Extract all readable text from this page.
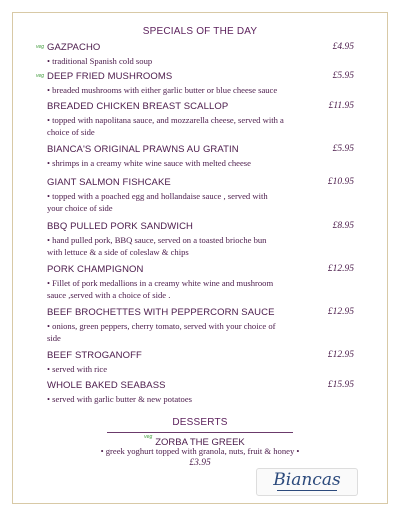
SPECIALS OF THE DAY
veg GAZPACHO	£4.95
• traditional Spanish cold soup
veg DEEP FRIED MUSHROOMS	£5.95
• breaded mushrooms with either garlic butter or blue cheese sauce
BREADED CHICKEN BREAST SCALLOP	£11.95
• topped with napolitana sauce, and mozzarella cheese, served with a
choice of side
BIANCA'S ORIGINAL PRAWNS AU GRATIN	£5.95
• shrimps in a creamy white wine sauce with melted cheese
GIANT SALMON FISHCAKE	£10.95
• topped with a poached egg and hollandaise sauce , served with
your choice of side
BBQ PULLED PORK SANDWICH	£8.95
• hand pulled pork, BBQ sauce, served on a toasted brioche bun
with lettuce & a side of coleslaw & chips
PORK CHAMPIGNON	£12.95
• Fillet of pork medallions in a creamy white wine and mushroom
sauce ,served with a choice of side .
BEEF BROCHETTES WITH PEPPERCORN SAUCE	£12.95
• onions, green peppers, cherry tomato, served with your choice of
side
BEEF STROGANOFF	£12.95
• served with rice
WHOLE BAKED SEABASS	£15.95
• served with garlic butter & new potatoes
DESSERTS
veg ZORBA THE GREEK
• greek yoghurt topped with granola, nuts, fruit & honey •
£3.95
Biancas
